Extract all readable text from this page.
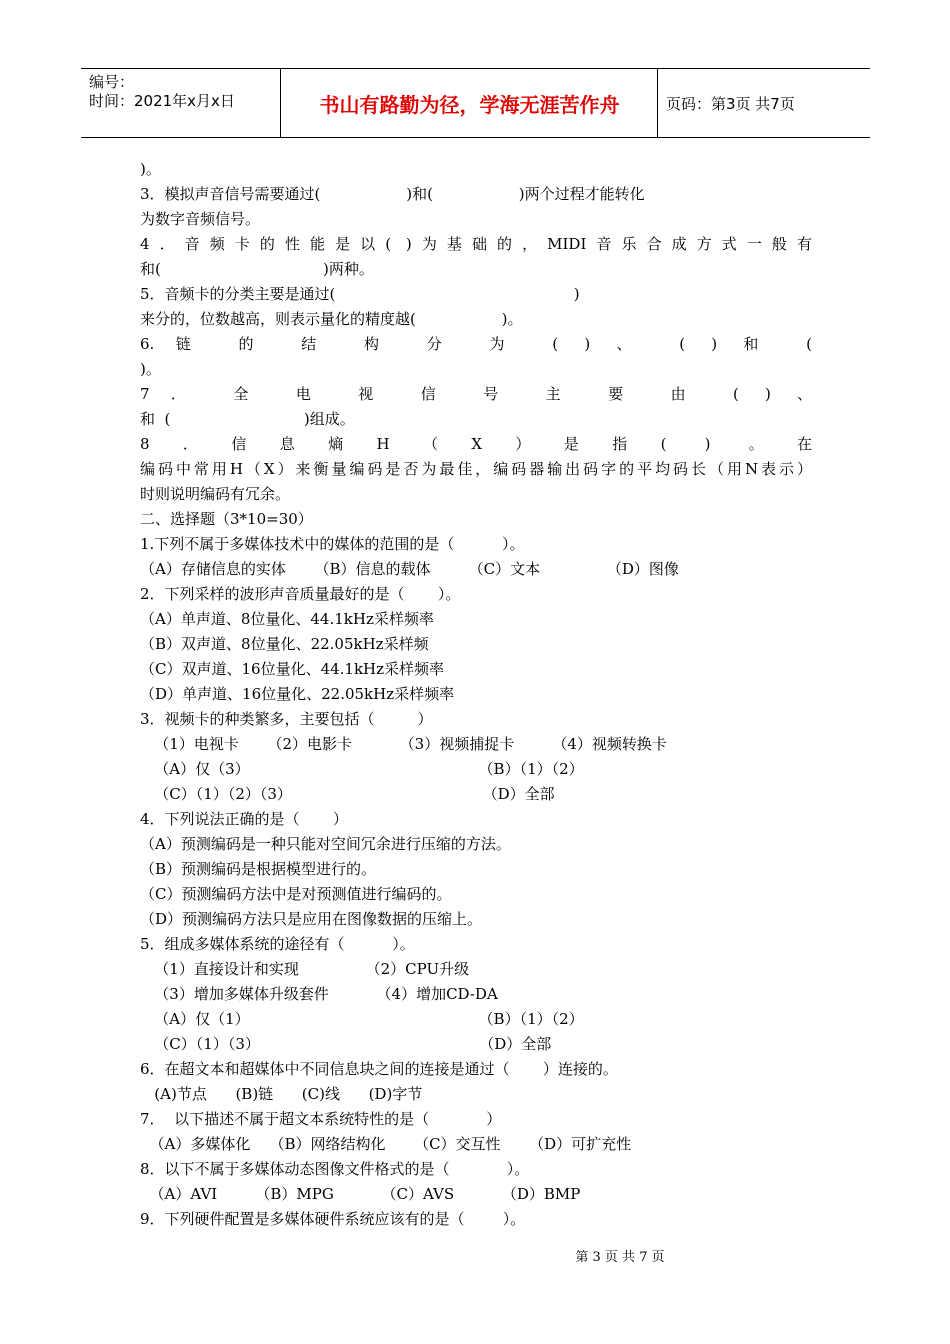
编号：
时间：2021年x月x日	书山有路勤为径，学海无涯苦作舟	页码：第3页 共7页
)。
3．模拟声音信号需要通过(                  )和(                  )两个过程才能转化
为数字音频信号。
4．音频卡的性能是以( )为基础的，MIDI音乐合成方式一般有
和(                                  )两种。
5．音频卡的分类主要是通过(                                                  )
来分的，位数越高，则表示量化的精度越(                  )。
6.链 的 结 构 分 为 ( ) 、 ( ) 和 (
)。
7． 全 电 视 信 号 主 要 由 ( ) 、
和  (                            )组成。
8．信息熵H（X）是指( ) 。在
编码中常用H（X）来衡量编码是否为最佳，编码器输出码字的平均码长（用N表示）
时则说明编码有冗余。
二、选择题（3*10=30）
1.下列不属于多媒体技术中的媒体的范围的是（          ）。
（A）存储信息的实体      （B）信息的载体        （C）文本              （D）图像
2．下列采样的波形声音质量最好的是（       ）。
（A）单声道、8位量化、44.1kHz采样频率
（B）双声道、8位量化、22.05kHz采样频
（C）双声道、16位量化、44.1kHz采样频率
（D）单声道、16位量化、22.05kHz采样频率
3．视频卡的种类繁多，主要包括（         ）
（1）电视卡      （2）电影卡          （3）视频捕捉卡        （4）视频转换卡
（A）仅（3）                                                （B）（1）（2）
（C）（1）（2）（3）                                        （D）全部
4．下列说法正确的是（       ）
（A）预测编码是一种只能对空间冗余进行压缩的方法。
（B）预测编码是根据模型进行的。
（C）预测编码方法中是对预测值进行编码的。
（D）预测编码方法只是应用在图像数据的压缩上。
5．组成多媒体系统的途径有（          ）。
（1）直接设计和实现              （2）CPU升级
（3）增加多媒体升级套件          （4）增加CD-DA
（A）仅（1）                                                （B）（1）（2）
（C）（1）（3）                                              （D）全部
6．在超文本和超媒体中不同信息块之间的连接是通过（       ）连接的。
(A)节点      (B)链      (C)线      (D)字节
7．  以下描述不属于超文本系统特性的是（            ）
（A）多媒体化    （B）网络结构化      （C）交互性      （D）可扩充性
8．以下不属于多媒体动态图像文件格式的是（            ）。
（A）AVI        （B）MPG          （C）AVS          （D）BMP
9．下列硬件配置是多媒体硬件系统应该有的是（        ）。
第 3 页 共 7 页
